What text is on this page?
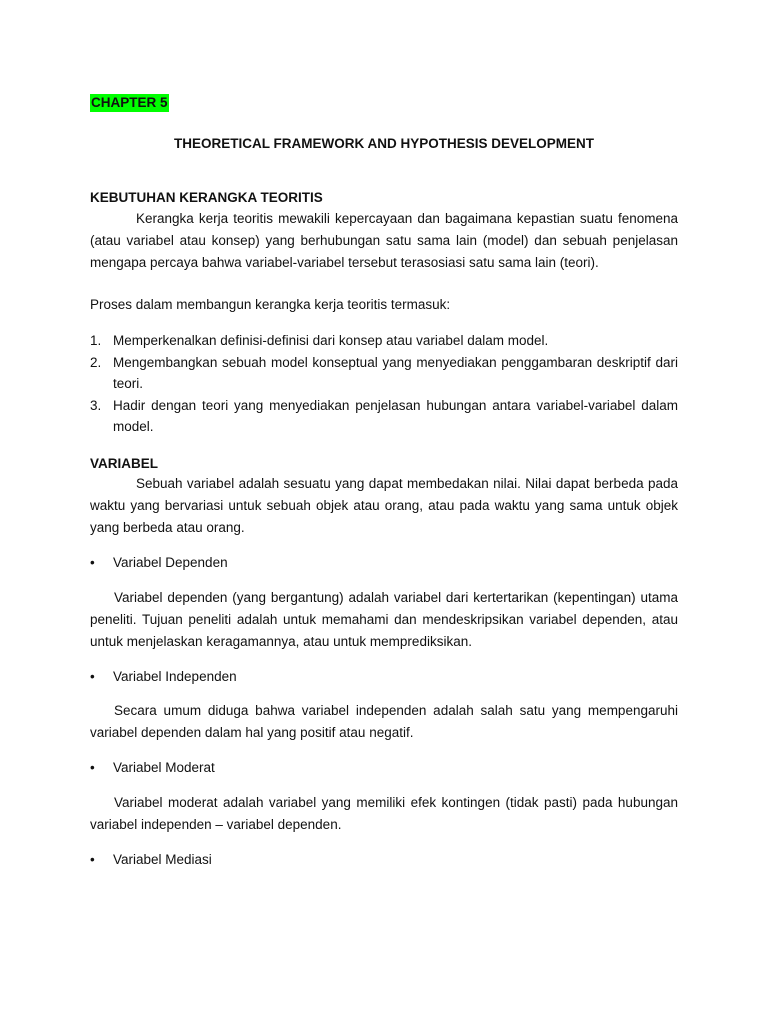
CHAPTER 5
THEORETICAL FRAMEWORK AND HYPOTHESIS DEVELOPMENT
KEBUTUHAN KERANGKA TEORITIS

Kerangka kerja teoritis mewakili kepercayaan dan bagaimana kepastian suatu fenomena (atau variabel atau konsep) yang berhubungan satu sama lain (model) dan sebuah penjelasan mengapa percaya bahwa variabel-variabel tersebut terasosiasi satu sama lain (teori).

Proses dalam membangun kerangka kerja teoritis termasuk:

1. Memperkenalkan definisi-definisi dari konsep atau variabel dalam model.
2. Mengembangkan sebuah model konseptual yang menyediakan penggambaran deskriptif dari teori.
3. Hadir dengan teori yang menyediakan penjelasan hubungan antara variabel-variabel dalam model.
VARIABEL

Sebuah variabel adalah sesuatu yang dapat membedakan nilai. Nilai dapat berbeda pada waktu yang bervariasi untuk sebuah objek atau orang, atau pada waktu yang sama untuk objek yang berbeda atau orang.

• Variabel Dependen

Variabel dependen (yang bergantung) adalah variabel dari kertertarikan (kepentingan) utama peneliti. Tujuan peneliti adalah untuk memahami dan mendeskripsikan variabel dependen, atau untuk menjelaskan keragamannya, atau untuk memprediksikan.

• Variabel Independen

Secara umum diduga bahwa variabel independen adalah salah satu yang mempengaruhi variabel dependen dalam hal yang positif atau negatif.

• Variabel Moderat

Variabel moderat adalah variabel yang memiliki efek kontingen (tidak pasti) pada hubungan variabel independen – variabel dependen.

• Variabel Mediasi
